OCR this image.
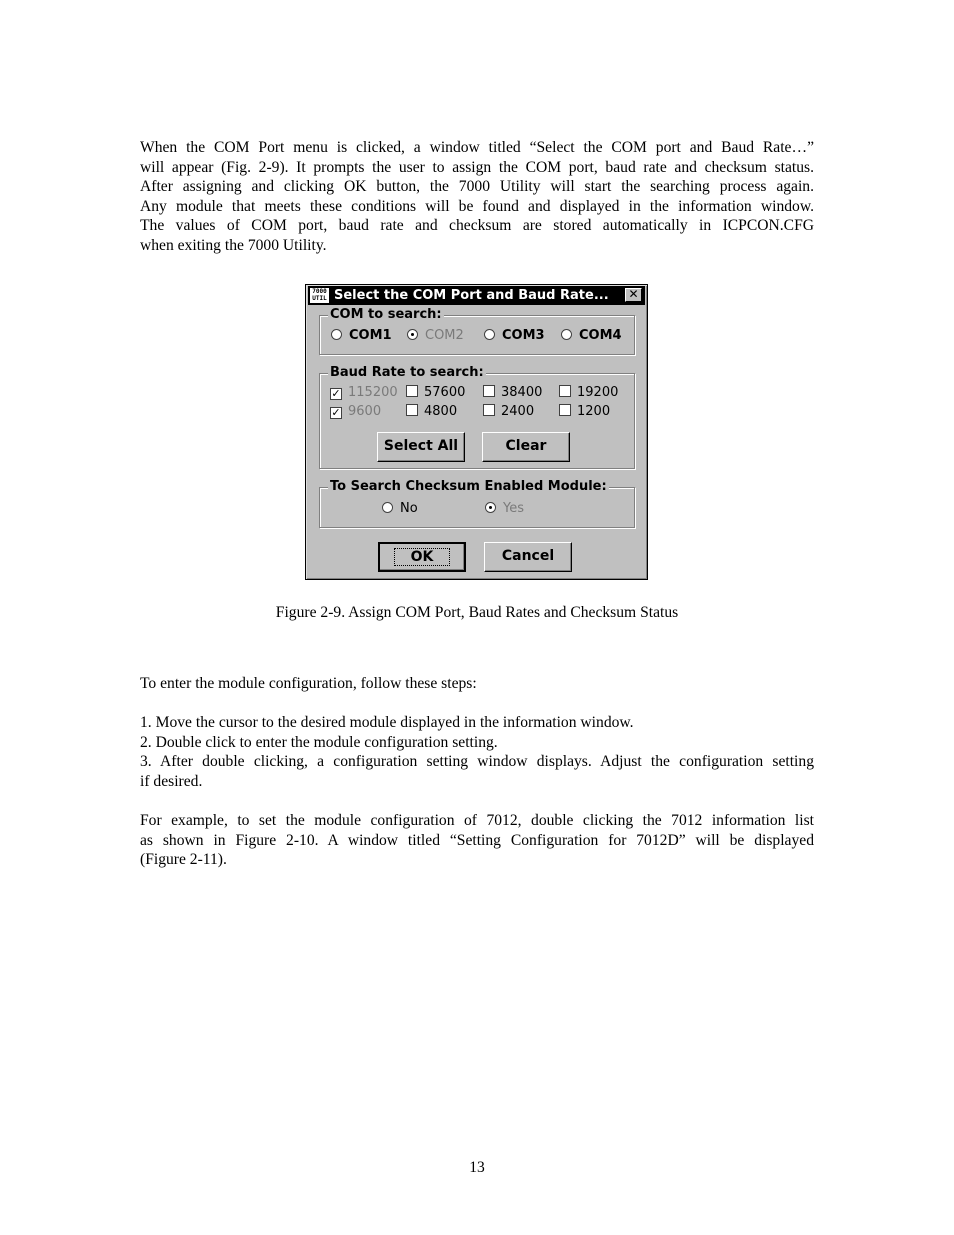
When the COM Port menu is clicked, a window titled “Select the COM port and Baud Rate…”
will appear (Fig. 2-9). It prompts the user to assign the COM port, baud rate and checksum status.
After assigning and clicking OK button, the 7000 Utility will start the searching process again.
Any module that meets these conditions will be found and displayed in the information window.
The values of COM port, baud rate and checksum are stored automatically in ICPCON.CFG
when exiting the 7000 Utility.
7000 UTIL Select the COM Port and Baud Rate... ✕
COM to search:
COM1	COM2	COM3	COM4
Baud Rate to search:
✓ 115200	57600	38400	19200
✓ 9600	4800	2400	1200
Select All	Clear
To Search Checksum Enabled Module:
No	Yes
OK	Cancel
Figure 2-9. Assign COM Port, Baud Rates and Checksum Status
To enter the module configuration, follow these steps:
1. Move the cursor to the desired module displayed in the information window.
2. Double click to enter the module configuration setting.
3. After double clicking, a configuration setting window displays. Adjust the configuration setting
if desired.
For example, to set the module configuration of 7012, double clicking the 7012 information list
as shown in Figure 2-10. A window titled “Setting Configuration for 7012D” will be displayed
(Figure 2-11).
13
